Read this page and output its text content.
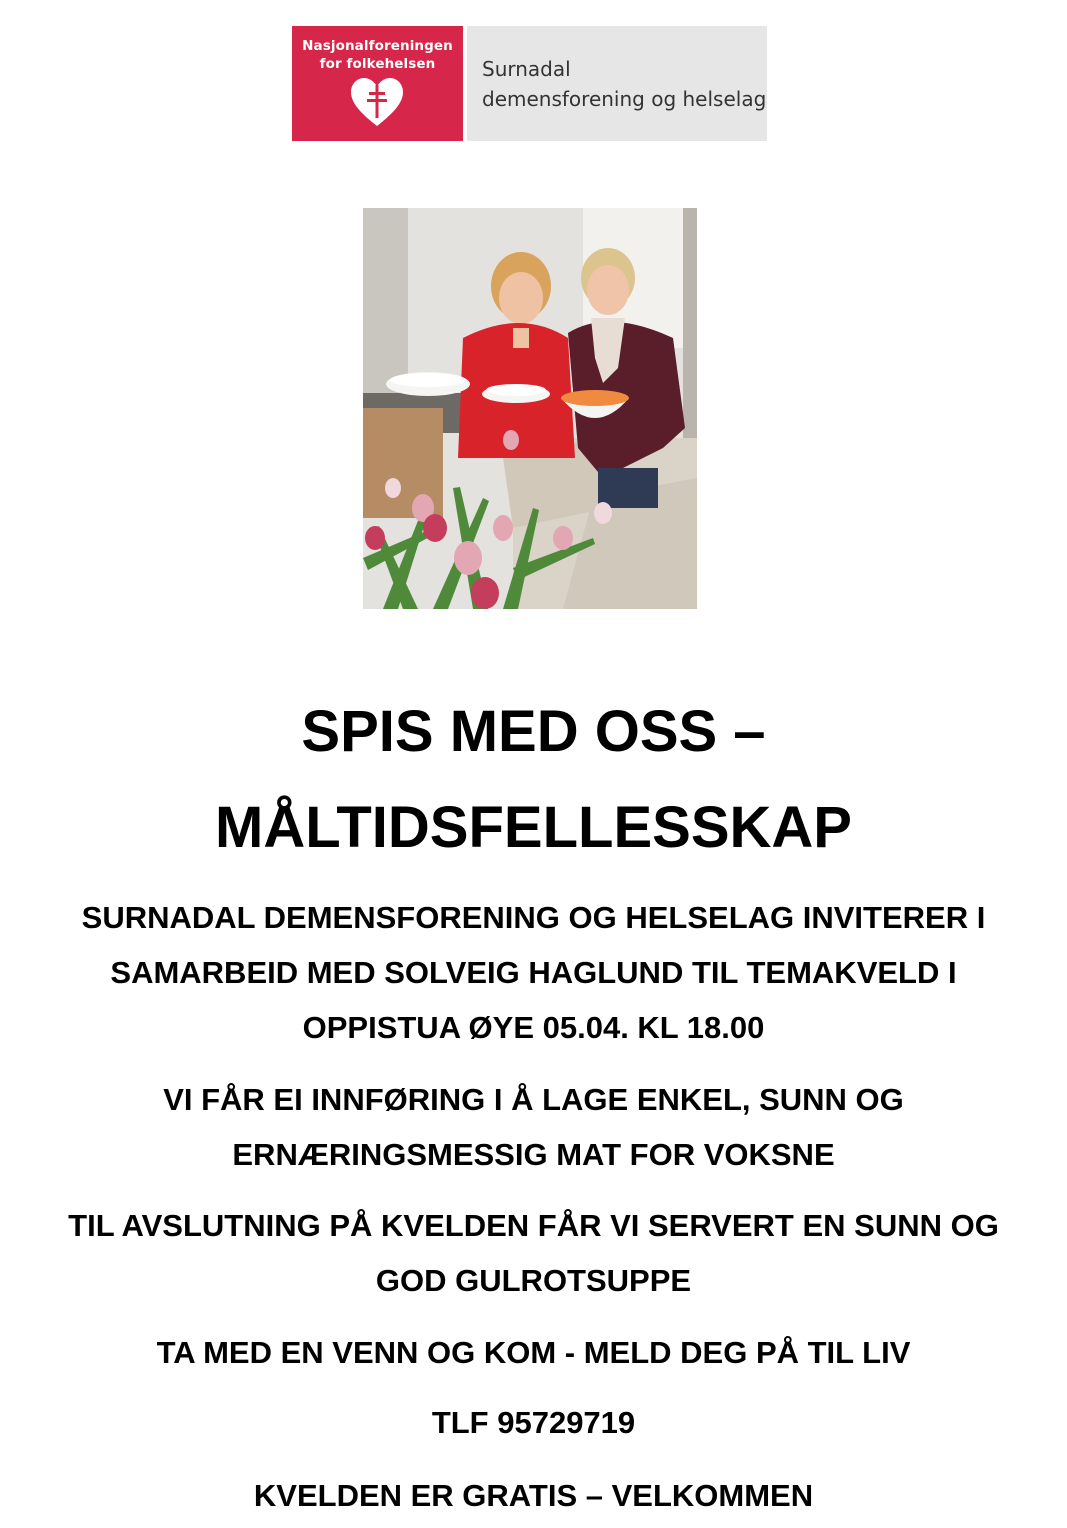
Nasjonalforeningen
for folkehelsen	Surnadal
demensforening og helselag
SPIS MED OSS –
MÅLTIDSFELLESSKAP
SURNADAL DEMENSFORENING OG HELSELAG INVITERER I
SAMARBEID MED SOLVEIG HAGLUND TIL TEMAKVELD I
OPPISTUA ØYE 05.04. KL 18.00
VI FÅR EI INNFØRING I Å LAGE ENKEL, SUNN OG
ERNÆRINGSMESSIG MAT FOR VOKSNE
TIL AVSLUTNING PÅ KVELDEN FÅR VI SERVERT EN SUNN OG
GOD GULROTSUPPE
TA MED EN VENN OG KOM - MELD DEG PÅ TIL LIV
TLF 95729719
KVELDEN ER GRATIS – VELKOMMEN
